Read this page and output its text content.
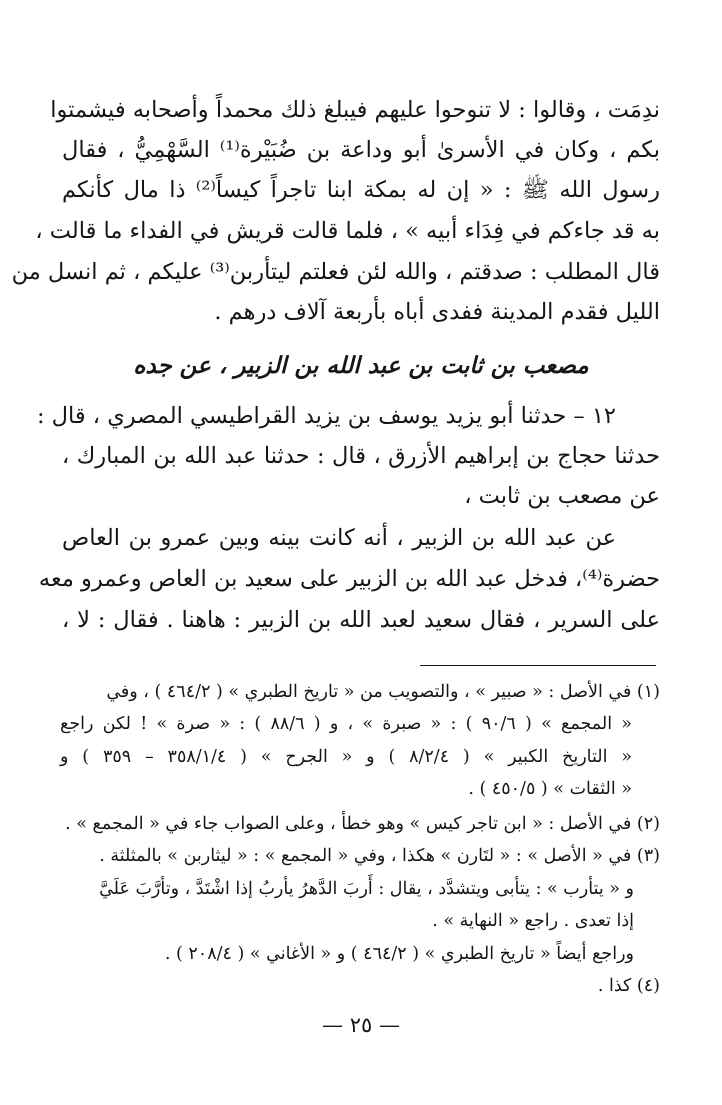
ندِمَت ، وقالوا : لا تنوحوا عليهم فيبلغ ذلك محمداً وأصحابه فيشمتوا
بكم ، وكان في الأسرىٰ أبو وداعة بن ضُبَيْرة⁽¹⁾ السَّهْمِيُّ ، فقال
رسول الله ﷺ : « إن له بمكة ابنا تاجراً كيساً⁽²⁾ ذا مال كأنكم
به قد جاءكم في فِدَاء أبيه » ، فلما قالت قريش في الفداء ما قالت ،
قال المطلب : صدقتم ، والله لئن فعلتم ليتأربن⁽³⁾ عليكم ، ثم انسل من
الليل فقدم المدينة ففدى أباه بأربعة آلاف درهم .
مصعب بن ثابت بن عبد الله بن الزبير ، عن جده
١٢ – حدثنا أبو يزيد يوسف بن يزيد القراطيسي المصري ، قال :
حدثنا حجاج بن إبراهيم الأزرق ، قال : حدثنا عبد الله بن المبارك ،
عن مصعب بن ثابت ،
عن عبد الله بن الزبير ، أنه كانت بينه وبين عمرو بن العاص
حضرة⁽⁴⁾، فدخل عبد الله بن الزبير على سعيد بن العاص وعمرو معه
على السرير ، فقال سعيد لعبد الله بن الزبير : هاهنا . فقال : لا ،
(١) في الأصل : « صبير » ، والتصويب من « تاريخ الطبري » ( ٤٦٤/٢ ) ، وفي
« المجمع » ( ٩٠/٦ ) : « صبرة » ، و ( ٨٨/٦ ) : « صرة » ! لكن راجع
« التاريخ الكبير » ( ٨/٢/٤ ) و « الجرح » ( ٣٥٨/١/٤ – ٣٥٩ ) و
« الثقات » ( ٤٥٠/٥ ) .
(٢) في الأصل : « ابن تاجر كيس » وهو خطأ ، وعلى الصواب جاء في « المجمع » .
(٣) في « الأصل » : « لتَارن » هكذا ، وفي « المجمع » : « ليثاربن » بالمثلثة .
و « يتأرب » : يتأبى ويتشدَّد ، يقال : أَربَ الدَّهرُ يأربُ إذا اشْتَدَّ ، وتأرَّبَ عَلَيَّ
إذا تعدى . راجع « النهاية » .
وراجع أيضاً « تاريخ الطبري » ( ٤٦٤/٢ ) و « الأغاني » ( ٢٠٨/٤ ) .
(٤) كذا .
— ٢٥ —
